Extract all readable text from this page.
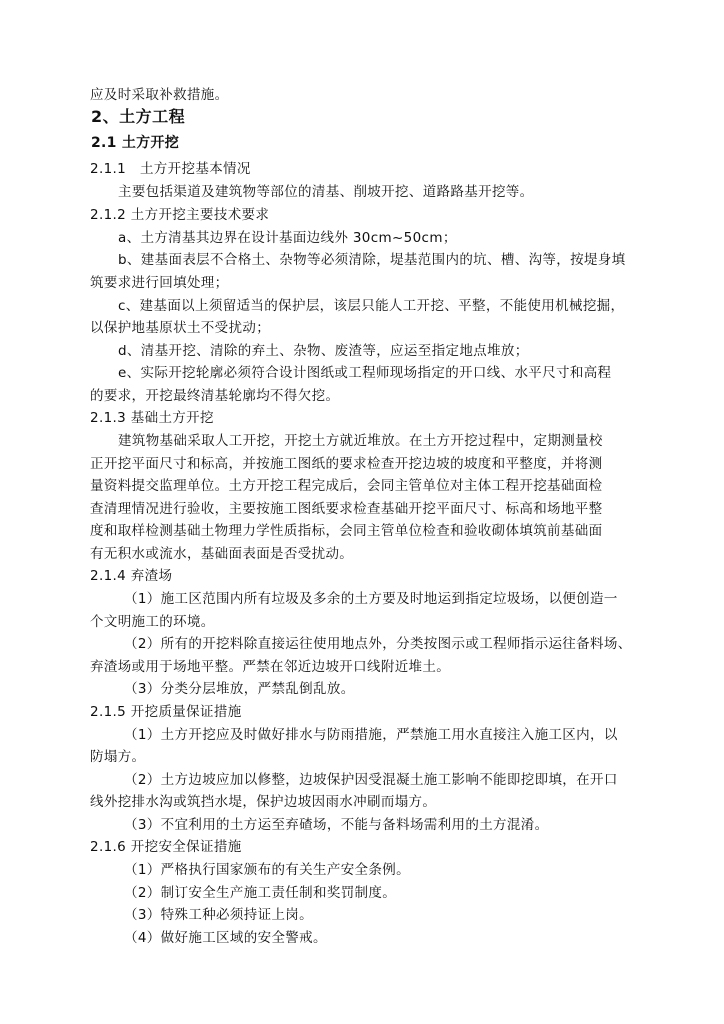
应及时采取补救措施。
2、土方工程
2.1 土方开挖
2.1.1　土方开挖基本情况
主要包括渠道及建筑物等部位的清基、削坡开挖、道路路基开挖等。
2.1.2 土方开挖主要技术要求
a、土方清基其边界在设计基面边线外 30cm~50cm；
b、建基面表层不合格土、杂物等必须清除，堤基范围内的坑、槽、沟等，按堤身填
筑要求进行回填处理；
c、建基面以上须留适当的保护层，该层只能人工开挖、平整，不能使用机械挖掘，
以保护地基原状土不受扰动；
d、清基开挖、清除的弃土、杂物、废渣等，应运至指定地点堆放；
e、实际开挖轮廓必须符合设计图纸或工程师现场指定的开口线、水平尺寸和高程
的要求，开挖最终清基轮廓均不得欠挖。
2.1.3 基础土方开挖
建筑物基础采取人工开挖，开挖土方就近堆放。在土方开挖过程中，定期测量校
正开挖平面尺寸和标高，并按施工图纸的要求检查开挖边坡的坡度和平整度，并将测
量资料提交监理单位。土方开挖工程完成后，会同主管单位对主体工程开挖基础面检
查清理情况进行验收，主要按施工图纸要求检查基础开挖平面尺寸、标高和场地平整
度和取样检测基础土物理力学性质指标，会同主管单位检查和验收砌体填筑前基础面
有无积水或流水，基础面表面是否受扰动。
2.1.4 弃渣场
（1）施工区范围内所有垃圾及多余的土方要及时地运到指定垃圾场，以便创造一
个文明施工的环境。
（2）所有的开挖料除直接运往使用地点外，分类按图示或工程师指示运往备料场、
弃渣场或用于场地平整。严禁在邻近边坡开口线附近堆土。
（3）分类分层堆放，严禁乱倒乱放。
2.1.5 开挖质量保证措施
（1）土方开挖应及时做好排水与防雨措施，严禁施工用水直接注入施工区内，以
防塌方。
（2）土方边坡应加以修整，边坡保护因受混凝土施工影响不能即挖即填，在开口
线外挖排水沟或筑挡水堤，保护边坡因雨水冲刷而塌方。
（3）不宜利用的土方运至弃碴场，不能与备料场需利用的土方混淆。
2.1.6 开挖安全保证措施
（1）严格执行国家颁布的有关生产安全条例。
（2）制订安全生产施工责任制和奖罚制度。
（3）特殊工种必须持证上岗。
（4）做好施工区域的安全警戒。
